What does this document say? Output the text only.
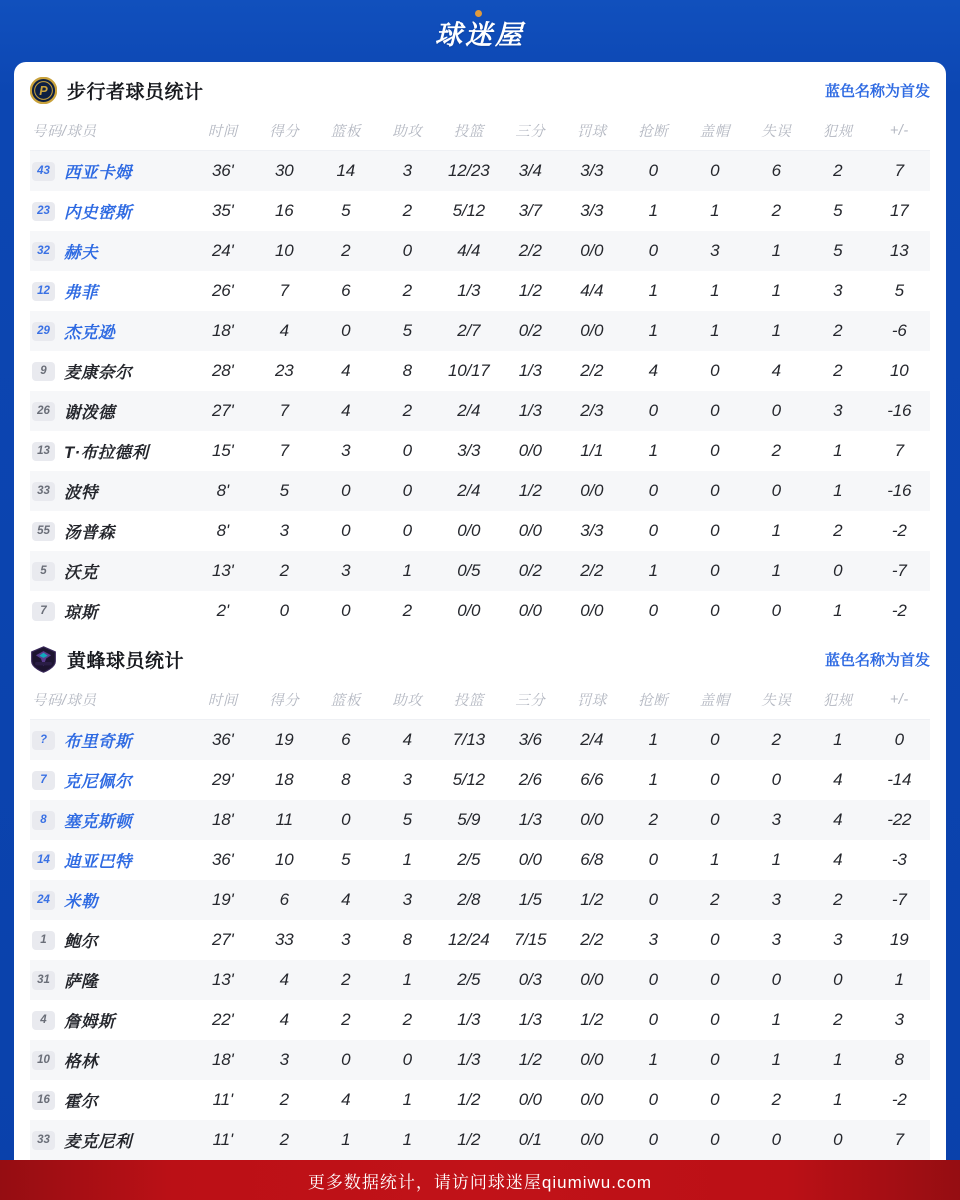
球迷屋
P 步行者球员统计	蓝色名称为首发
号码/球员	时间	得分	篮板	助攻	投篮	三分	罚球	抢断	盖帽	失误	犯规	+/-
43 西亚卡姆	36'	30	14	3	12/23	3/4	3/3	0	0	6	2	7
23 内史密斯	35'	16	5	2	5/12	3/7	3/3	1	1	2	5	17
32 赫夫	24'	10	2	0	4/4	2/2	0/0	0	3	1	5	13
12 弗菲	26'	7	6	2	1/3	1/2	4/4	1	1	1	3	5
29 杰克逊	18'	4	0	5	2/7	0/2	0/0	1	1	1	2	-6
9	麦康奈尔	28'	23	4	8	10/17	1/3	2/2	4	0	4	2	10
26 谢泼德	27'	7	4	2	2/4	1/3	2/3	0	0	0	3	-16
13 T·布拉德利	15'	7	3	0	3/3	0/0	1/1	1	0	2	1	7
33 波特	8'	5	0	0	2/4	1/2	0/0	0	0	0	1	-16
55 汤普森	8'	3	0	0	0/0	0/0	3/3	0	0	1	2	-2
5	沃克	13'	2	3	1	0/5	0/2	2/2	1	0	1	0	-7
7	琼斯	2'	0	0	2	0/0	0/0	0/0	0	0	0	1	-2
黄蜂球员统计	蓝色名称为首发
号码/球员	时间	得分	篮板	助攻	投篮	三分	罚球	抢断	盖帽	失误	犯规	+/-
?	布里奇斯	36'	19	6	4	7/13	3/6	2/4	1	0	2	1	0
7	克尼佩尔	29'	18	8	3	5/12	2/6	6/6	1	0	0	4	-14
8	塞克斯顿	18'	11	0	5	5/9	1/3	0/0	2	0	3	4	-22
14 迪亚巴特	36'	10	5	1	2/5	0/0	6/8	0	1	1	4	-3
24 米勒	19'	6	4	3	2/8	1/5	1/2	0	2	3	2	-7
1	鲍尔	27'	33	3	8	12/24	7/15	2/2	3	0	3	3	19
31 萨隆	13'	4	2	1	2/5	0/3	0/0	0	0	0	0	1
4	詹姆斯	22'	4	2	2	1/3	1/3	1/2	0	0	1	2	3
10 格林	18'	3	0	0	1/3	1/2	0/0	1	0	1	1	8
16 霍尔	11'	2	4	1	1/2	0/0	0/0	0	0	2	1	-2
33 麦克尼利	11'	2	1	1	1/2	0/1	0/0	0	0	0	0	7
更多数据统计，请访问球迷屋qiumiwu.com
